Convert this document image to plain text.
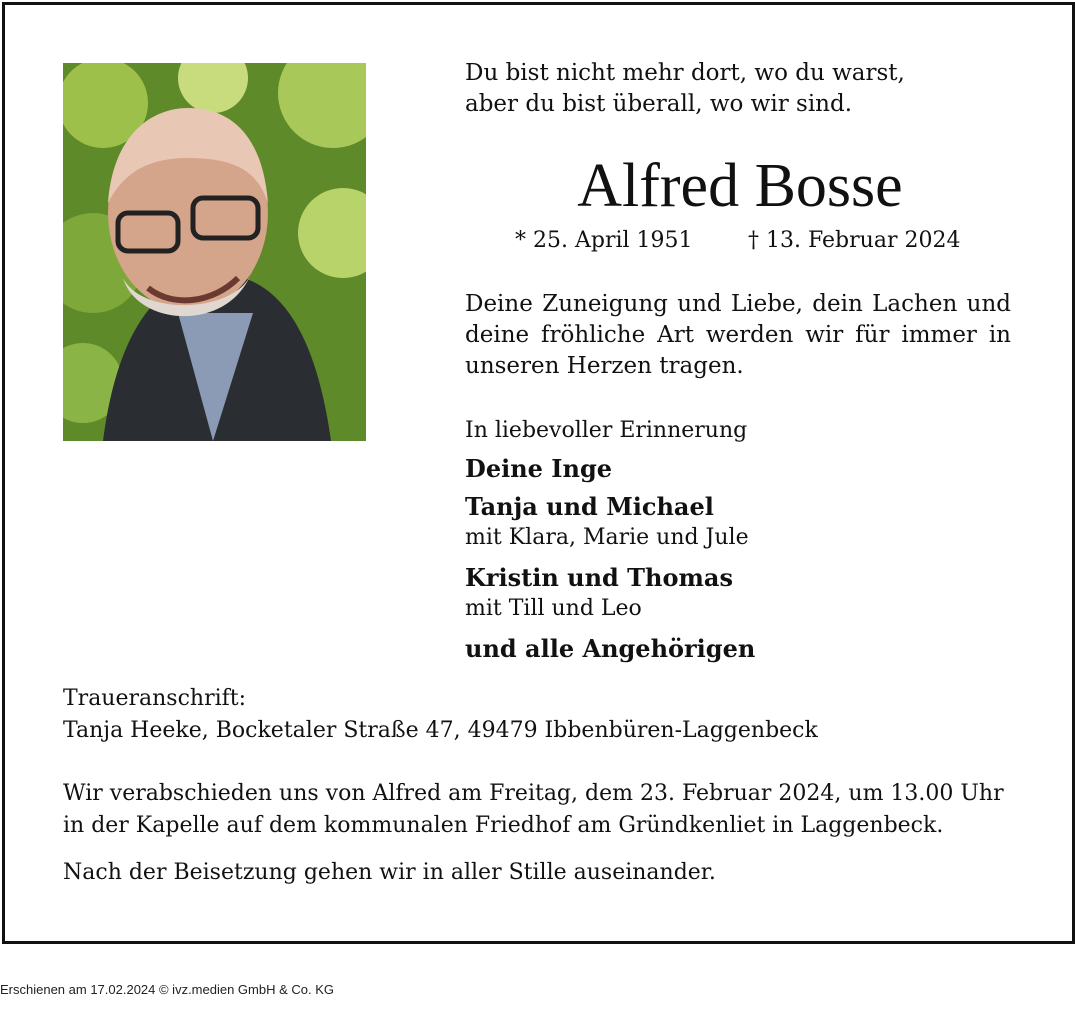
Du bist nicht mehr dort, wo du warst,
aber du bist überall, wo wir sind.
Alfred Bosse
* 25. April 1951	† 13. Februar 2024
Deine Zuneigung und Liebe, dein Lachen und
deine fröhliche Art werden wir für immer in
unseren Herzen tragen.
In liebevoller Erinnerung
Deine Inge
Tanja und Michael
mit Klara, Marie und Jule
Kristin und Thomas
mit Till und Leo
und alle Angehörigen
Traueranschrift:
Tanja Heeke, Bocketaler Straße 47, 49479 Ibbenbüren-Laggenbeck
Wir verabschieden uns von Alfred am Freitag, dem 23. Februar 2024, um 13.00 Uhr
in der Kapelle auf dem kommunalen Friedhof am Gründkenliet in Laggenbeck.
Nach der Beisetzung gehen wir in aller Stille auseinander.
Erschienen am 17.02.2024 © ivz.medien GmbH & Co. KG
